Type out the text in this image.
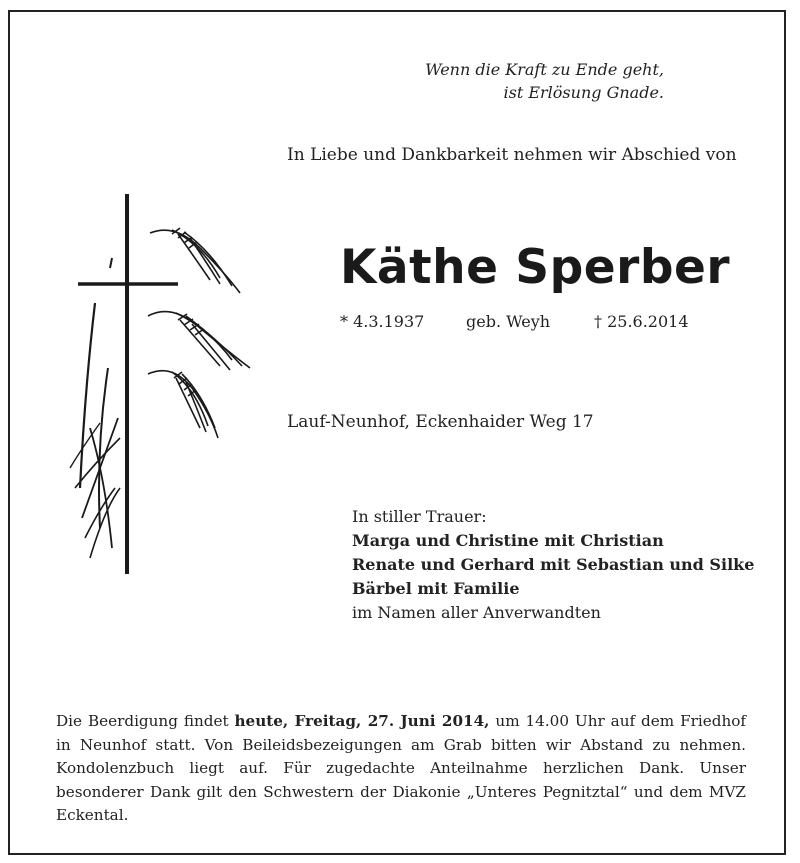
Wenn die Kraft zu Ende geht,
ist Erlösung Gnade.
In Liebe und Dankbarkeit nehmen wir Abschied von
Käthe Sperber
* 4.3.1937	geb. Weyh	† 25.6.2014
Lauf-Neunhof, Eckenhaider Weg 17
In stiller Trauer:
Marga und Christine mit Christian
Renate und Gerhard mit Sebastian und Silke
Bärbel mit Familie
im Namen aller Anverwandten
Die Beerdigung findet heute, Freitag, 27. Juni 2014, um 14.00 Uhr auf dem Friedhof in Neunhof statt. Von Beileidsbezeigungen am Grab bitten wir Abstand zu nehmen. Kondolenzbuch liegt auf. Für zugedachte Anteilnahme herzlichen Dank. Unser besonderer Dank gilt den Schwestern der Diakonie „Unteres Pegnitztal“ und dem MVZ Eckental.
